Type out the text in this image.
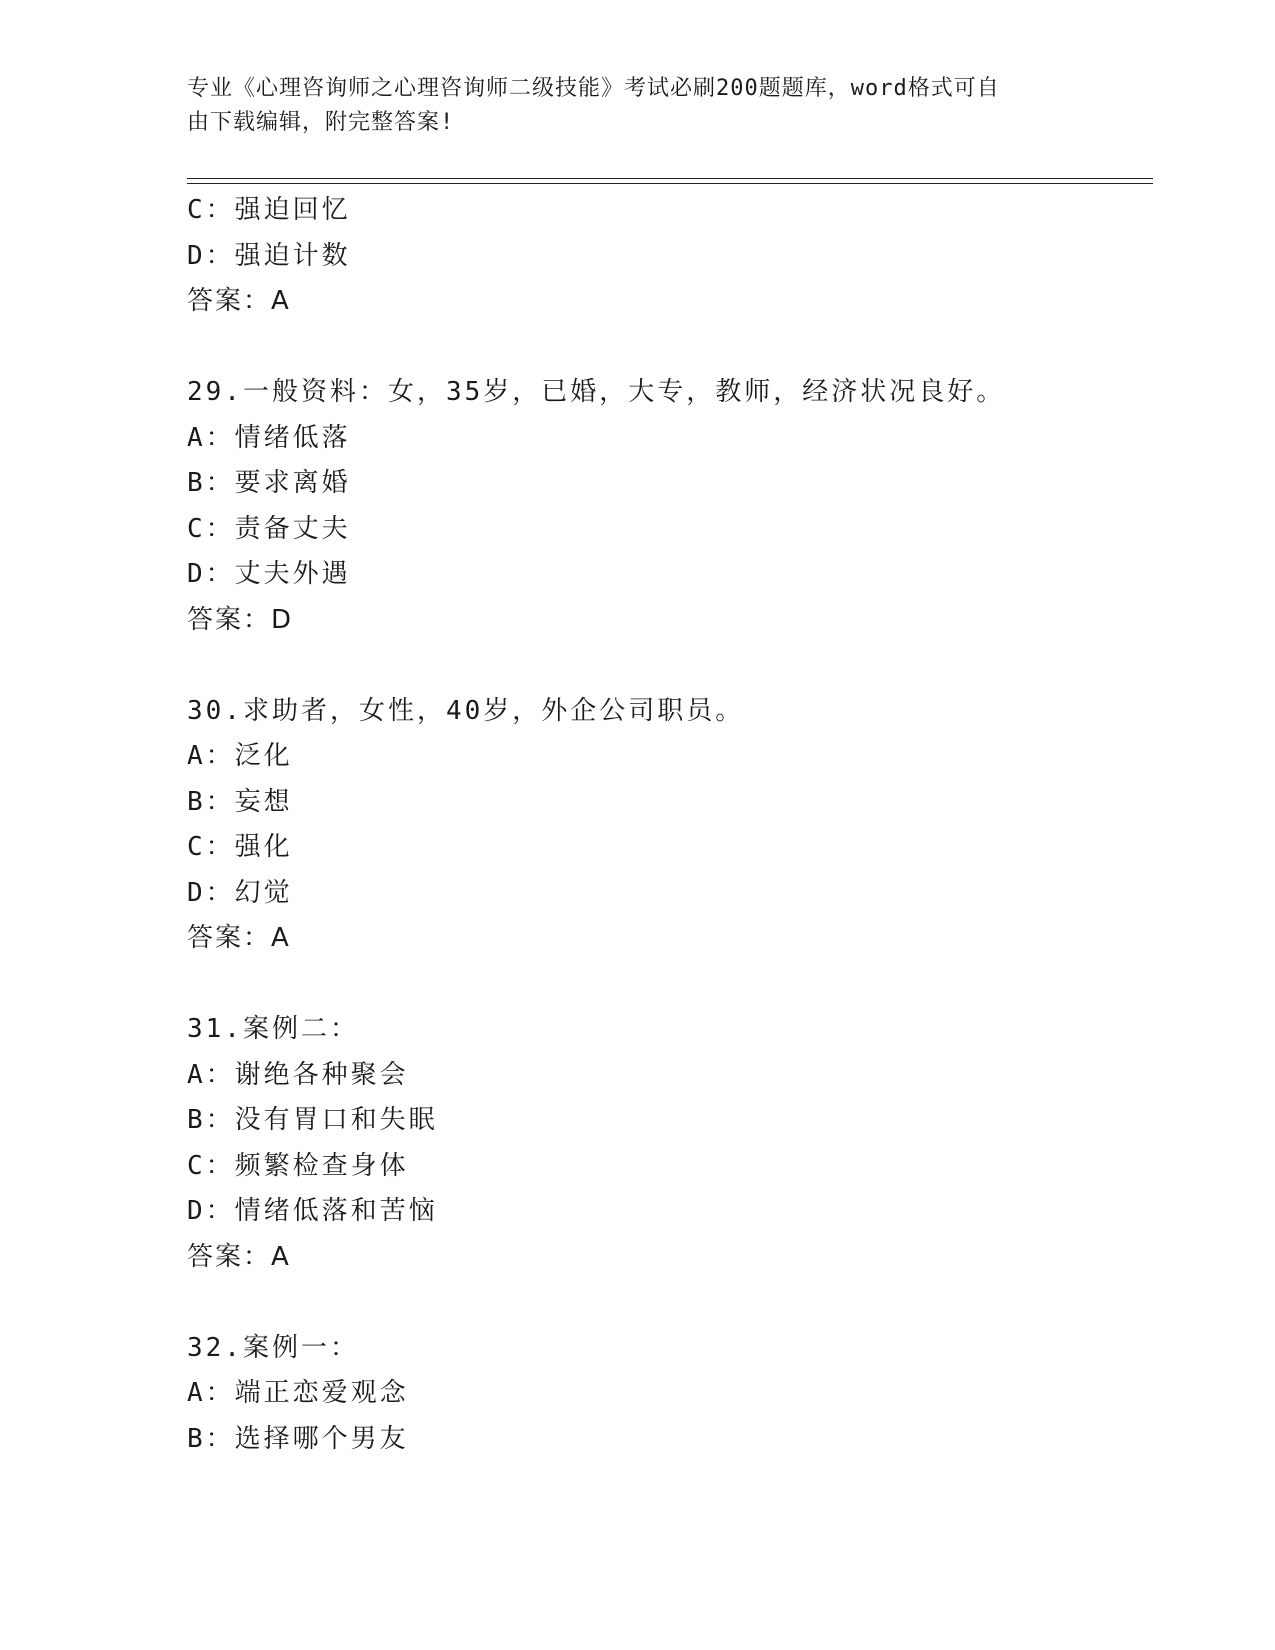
专业《心理咨询师之心理咨询师二级技能》考试必刷200题题库，word格式可自
由下载编辑，附完整答案!
C：强迫回忆
D：强迫计数
答案：A
29.一般资料：女，35岁，已婚，大专，教师，经济状况良好。
A：情绪低落
B：要求离婚
C：责备丈夫
D：丈夫外遇
答案：D
30.求助者，女性，40岁，外企公司职员。
A：泛化
B：妄想
C：强化
D：幻觉
答案：A
31.案例二：
A：谢绝各种聚会
B：没有胃口和失眠
C：频繁检查身体
D：情绪低落和苦恼
答案：A
32.案例一：
A：端正恋爱观念
B：选择哪个男友
